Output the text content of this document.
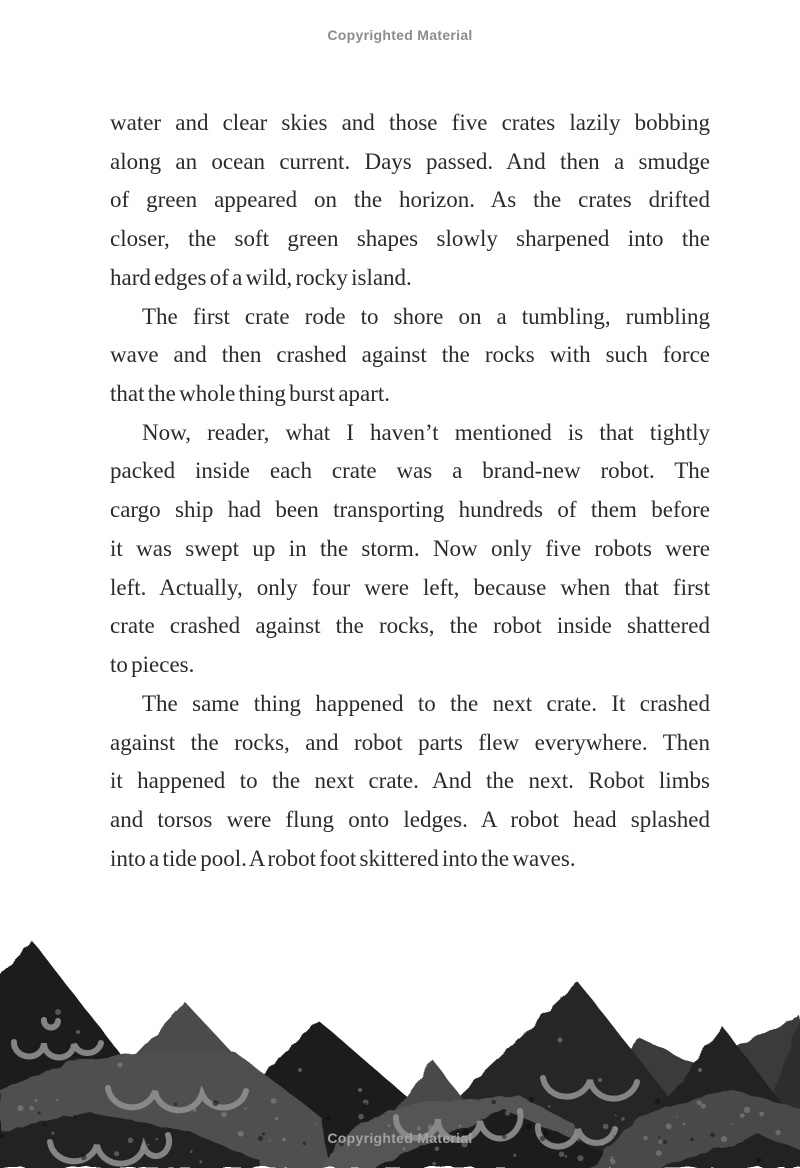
Copyrighted Material
water and clear skies and those five crates lazily bobbing
along an ocean current. Days passed. And then a smudge
of green appeared on the horizon. As the crates drifted
closer, the soft green shapes slowly sharpened into the
hard edges of a wild, rocky island.
The first crate rode to shore on a tumbling, rumbling
wave and then crashed against the rocks with such force
that the whole thing burst apart.
Now, reader, what I haven’t mentioned is that tightly
packed inside each crate was a brand-new robot. The
cargo ship had been transporting hundreds of them before
it was swept up in the storm. Now only five robots were
left. Actually, only four were left, because when that first
crate crashed against the rocks, the robot inside shattered
to pieces.
The same thing happened to the next crate. It crashed
against the rocks, and robot parts flew everywhere. Then
it happened to the next crate. And the next. Robot limbs
and torsos were flung onto ledges. A robot head splashed
into a tide pool. A robot foot skittered into the waves.
Copyrighted Material
